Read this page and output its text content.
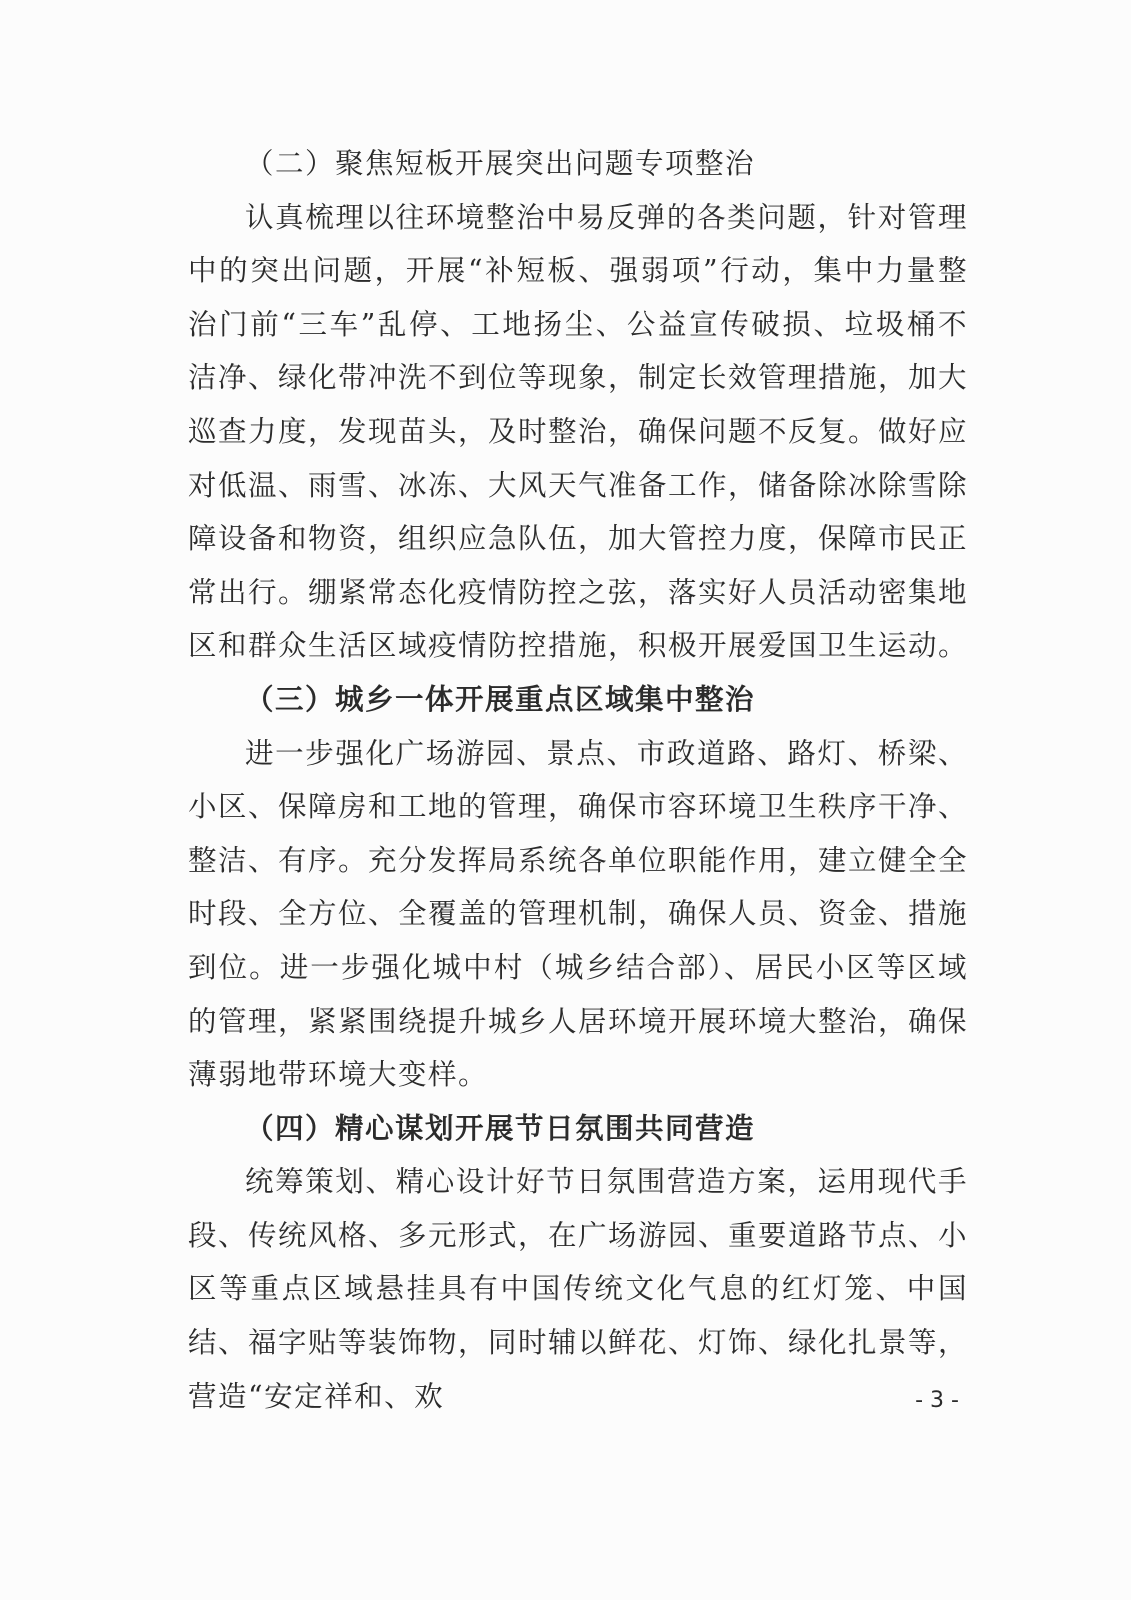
（二）聚焦短板开展突出问题专项整治

认真梳理以往环境整治中易反弹的各类问题，针对管理中的突出问题，开展“补短板、强弱项”行动，集中力量整治门前“三车”乱停、工地扬尘、公益宣传破损、垃圾桶不洁净、绿化带冲洗不到位等现象，制定长效管理措施，加大巡查力度，发现苗头，及时整治，确保问题不反复。做好应对低温、雨雪、冰冻、大风天气准备工作，储备除冰除雪除障设备和物资，组织应急队伍，加大管控力度，保障市民正常出行。绷紧常态化疫情防控之弦，落实好人员活动密集地区和群众生活区域疫情防控措施，积极开展爱国卫生运动。

（三）城乡一体开展重点区域集中整治

进一步强化广场游园、景点、市政道路、路灯、桥梁、小区、保障房和工地的管理，确保市容环境卫生秩序干净、整洁、有序。充分发挥局系统各单位职能作用，建立健全全时段、全方位、全覆盖的管理机制，确保人员、资金、措施到位。进一步强化城中村（城乡结合部）、居民小区等区域的管理，紧紧围绕提升城乡人居环境开展环境大整治，确保薄弱地带环境大变样。

（四）精心谋划开展节日氛围共同营造

统筹策划、精心设计好节日氛围营造方案，运用现代手段、传统风格、多元形式，在广场游园、重要道路节点、小区等重点区域悬挂具有中国传统文化气息的红灯笼、中国结、福字贴等装饰物，同时辅以鲜花、灯饰、绿化扎景等，营造“安定祥和、欢	- 3 -
